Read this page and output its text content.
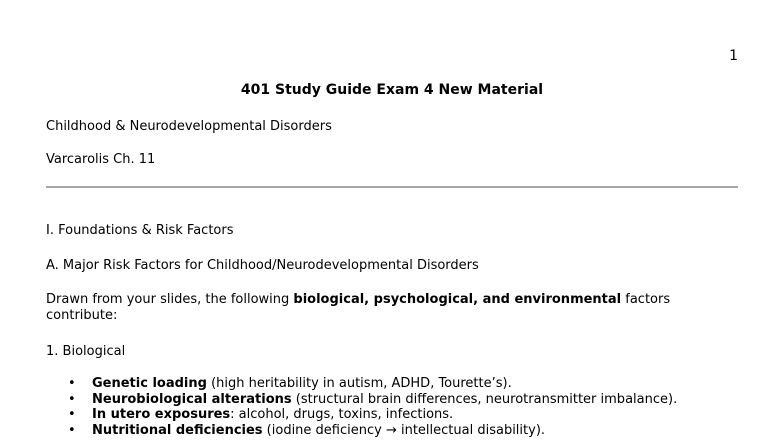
1
401 Study Guide Exam 4 New Material
Childhood & Neurodevelopmental Disorders
Varcarolis Ch. 11
I. Foundations & Risk Factors
A. Major Risk Factors for Childhood/Neurodevelopmental Disorders
Drawn from your slides, the following biological, psychological, and environmental factors contribute:
1. Biological
• Genetic loading (high heritability in autism, ADHD, Tourette’s).
• Neurobiological alterations (structural brain differences, neurotransmitter imbalance).
• In utero exposures: alcohol, drugs, toxins, infections.
• Nutritional deficiencies (iodine deficiency → intellectual disability).
